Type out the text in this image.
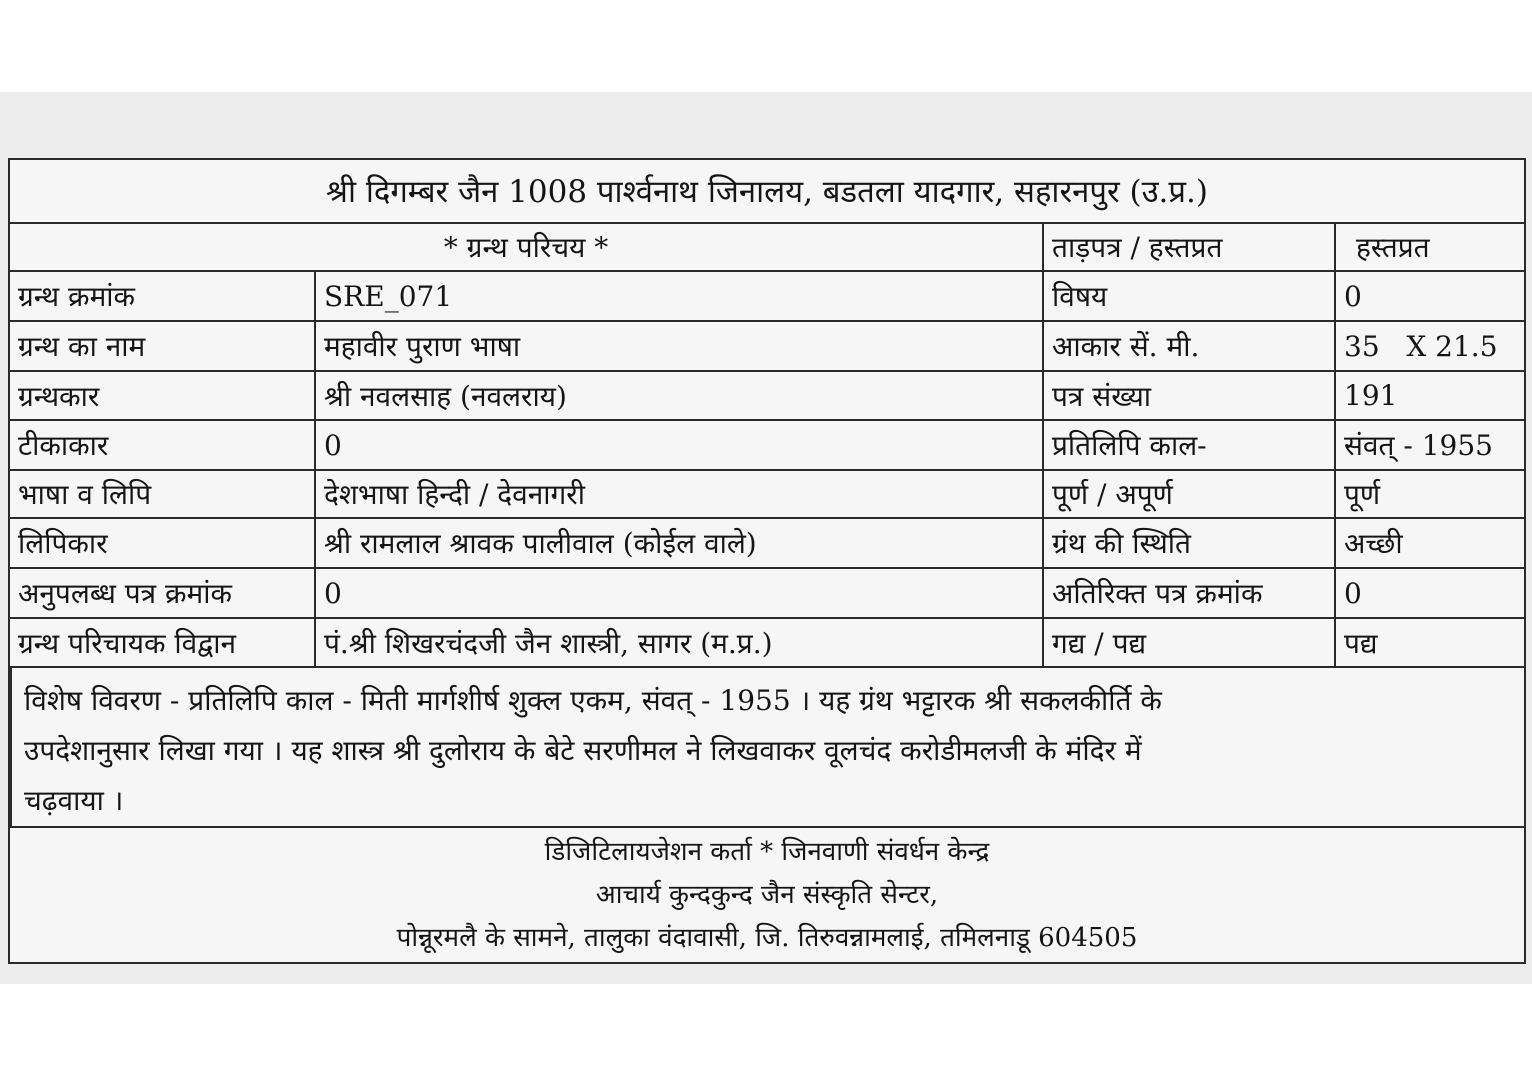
श्री दिगम्बर जैन 1008 पार्श्वनाथ जिनालय, बडतला यादगार, सहारनपुर (उ.प्र.)
* ग्रन्थ परिचय *	ताड़पत्र / हस्तप्रत	हस्तप्रत
ग्रन्थ क्रमांक	SRE_071	विषय	0
ग्रन्थ का नाम	महावीर पुराण भाषा	आकार सें. मी.	35   X 21.5
ग्रन्थकार	श्री नवलसाह (नवलराय)	पत्र संख्या	191
टीकाकार	0	प्रतिलिपि काल-	संवत् - 1955
भाषा व लिपि	देशभाषा हिन्दी / देवनागरी	पूर्ण / अपूर्ण	पूर्ण
लिपिकार	श्री रामलाल श्रावक पालीवाल (कोईल वाले)	ग्रंथ की स्थिति	अच्छी
अनुपलब्ध पत्र क्रमांक	0	अतिरिक्त पत्र क्रमांक	0
ग्रन्थ परिचायक विद्वान	पं.श्री शिखरचंदजी जैन शास्त्री, सागर (म.प्र.)	गद्य / पद्य	पद्य
विशेष विवरण - प्रतिलिपि काल - मिती मार्गशीर्ष शुक्ल एकम, संवत् - 1955 । यह ग्रंथ भट्टारक श्री सकलकीर्ति के
उपदेशानुसार लिखा गया । यह शास्त्र श्री दुलोराय के बेटे सरणीमल ने लिखवाकर वूलचंद करोडीमलजी के मंदिर में
चढ़वाया ।
डिजिटिलायजेशन कर्ता * जिनवाणी संवर्धन केन्द्र
आचार्य कुन्दकुन्द जैन संस्कृति सेन्टर,
पोन्नूरमलै के सामने, तालुका वंदावासी, जि. तिरुवन्नामलाई, तमिलनाडू 604505
